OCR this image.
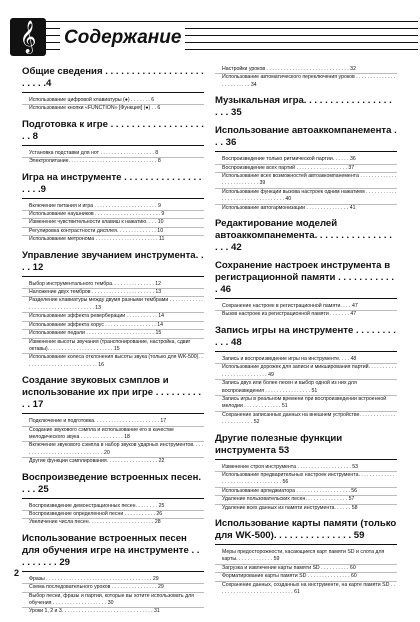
𝄞	Содержание
Общие сведения . . . . . . . . . . . . . . . . . . . . . . . .4
Использование цифровой клавиатуры (●) . . . . . . . 6
Использование кнопки «FUNCTION» [Функция] (●) . . 6
Подготовка к игре . . . . . . . . . . . . . . . . . . . . 8
Установка подставки для нот . . . . . . . . . . . . . . . . . . . 8
Электропитание. . . . . . . . . . . . . . . . . . . . . . . . . . . . . . . 8
Игра на инструменте . . . . . . . . . . . . . . . . . . .9
Включение питания и игра . . . . . . . . . . . . . . . . . . . . . . 9
Использование наушников . . . . . . . . . . . . . . . . . . . . . . . 9
Изменение чувствительности клавиш к нажатию. . . . 10
Регулировка контрастности дисплея. . . . . . . . . . . . . . 10
Использование метронома . . . . . . . . . . . . . . . . . . . . . . 11
Управление звучанием инструмента. . . . 12
Выбор инструментального тембра. . . . . . . . . . . . . . . 12
Наложение двух тембров . . . . . . . . . . . . . . . . . . . . . . 13
Разделение клавиатуры между двумя разными тембрами . . . . . . . . . . . . . . . . . . . . . . . . . . . . . . . . . . . 13
Использование эффекта реверберации . . . . . . . . . . . 14
Использование эффекта хорус . . . . . . . . . . . . . . . . . . 14
Использование педали . . . . . . . . . . . . . . . . . . . . . . . . 15
Изменение высоты звучания (транспонирование, настройка, сдвиг октавы). . . . . . . . . . . . . . . . . . . . . . . 15
Использование колеса отклонения высоты звука (только для WK-500). . . . . . . . . . . . . . . . . . . . . . . . . . 16
Создание звуковых сэмплов и использование их при игре . . . . . . . . . . . 17
Подключение и подготовка. . . . . . . . . . . . . . . . . . . . . . . 17
Создание звукового сэмпла и использование его в качестве мелодического звука . . . . . . . . . . . . . . . 18
Включение звукового сэмпла в набор звуков ударных инструментов. . . . . . . . . . . . . . . . . . . . . . . . . . . . . . 20
Другие функции сэмплирования. . . . . . . . . . . . . . . . . . 22
Воспроизведение встроенных песен. . . . 25
Воспроизведение демонстрационных песен. . . . . . . . 25
Воспроизведение определенной песни . . . . . . . . . . . 26
Увеличение числа песен. . . . . . . . . . . . . . . . . . . . . . . 28
Использование встроенных песен для обучения игре на инструменте . . . . . . . . . 29
Фразы . . . . . . . . . . . . . . . . . . . . . . . . . . . . . . . . . . . . . 29
Схема последовательного уроков . . . . . . . . . . . . . . . . 29
Выбор песни, фразы и партии, которые вы хотите использовать для обучения . . . . . . . . . . . . . . . . . . . 30
Уроки 1, 2 и 3. . . . . . . . . . . . . . . . . . . . . . . . . . . . . . . . 31
Настройки уроков . . . . . . . . . . . . . . . . . . . . . . . . . . . . . 32
Использование автоматического переключения уроков . . . . . . . . . . . . . . . . . . . . . . . . 34
Музыкальная игра. . . . . . . . . . . . . . . . . . . . 35
Использование автоаккомпанемента . . . 36
Воспроизведение только ритмической партии. . . . . . 36
Воспроизведение всех партий . . . . . . . . . . . . . . . . . . 37
Использование всех возможностей автоаккомпанемента . . . . . . . . . . . . . . . . . . . . . . . . . . 39
Использование функции вызова настроек одним нажатием . . . . . . . . . . . . . . . . . . . . . . . . . . . . . . . . . 40
Использование автогармонизации . . . . . . . . . . . . . . . 41
Редактирование моделей автоаккомпанемента. . . . . . . . . . . . . . . . . . 42
Сохранение настроек инструмента в регистрационной памяти . . . . . . . . . . . . 46
Сохранение настроек в регистрационной памяти. . . . 47
Вызов настроек из регистрационной памяти . . . . . . . 47
Запись игры на инструменте . . . . . . . . . . . 48
Запись и воспроизведение игры на инструменте. . . . 48
Использование дорожек для записи и микширования партий. . . . . . . . . . . . . . . . . . . . . . . . . . 49
Запись двух или более песен и выбор одной из них для воспроизведения . . . . . . . . . . . . . . . . 51
Запись игры в реальном времени при воспроизведении встроенной мелодии . . . . . . . . . . . . . 51
Сохранение записанных данных на внешнем устройстве. . . . . . . . . . . . . . . . . . . . . . . . 52
Другие полезные функции инструмента 53
Изменение строя инструмента . . . . . . . . . . . . . . . . . . . 53
Использование предварительных настроек инструмента. . . . . . . . . . . . . . . . . . . . . . . . . . . . . . . . . . 56
Использование арпеджиатора . . . . . . . . . . . . . . . . . . . 56
Удаление пользовательских песен. . . . . . . . . . . . . . . 57
Удаление всех данных из памяти инструмента. . . . . . 58
Использование карты памяти (только для WK-500). . . . . . . . . . . . . . . 59
Меры предосторожности, касающиеся карт памяти SD и слота для карты. . . . . . . . . . . . . 59
Загрузка и извлечение карты памяти SD . . . . . . . . . . 60
Форматирование карты памяти SD . . . . . . . . . . . . . . . 60
Сохранение данных, созданных на инструменте, на карте памяти SD . . . . . . . . . . . . . . . . . . . . . . . . . . . 61
2
